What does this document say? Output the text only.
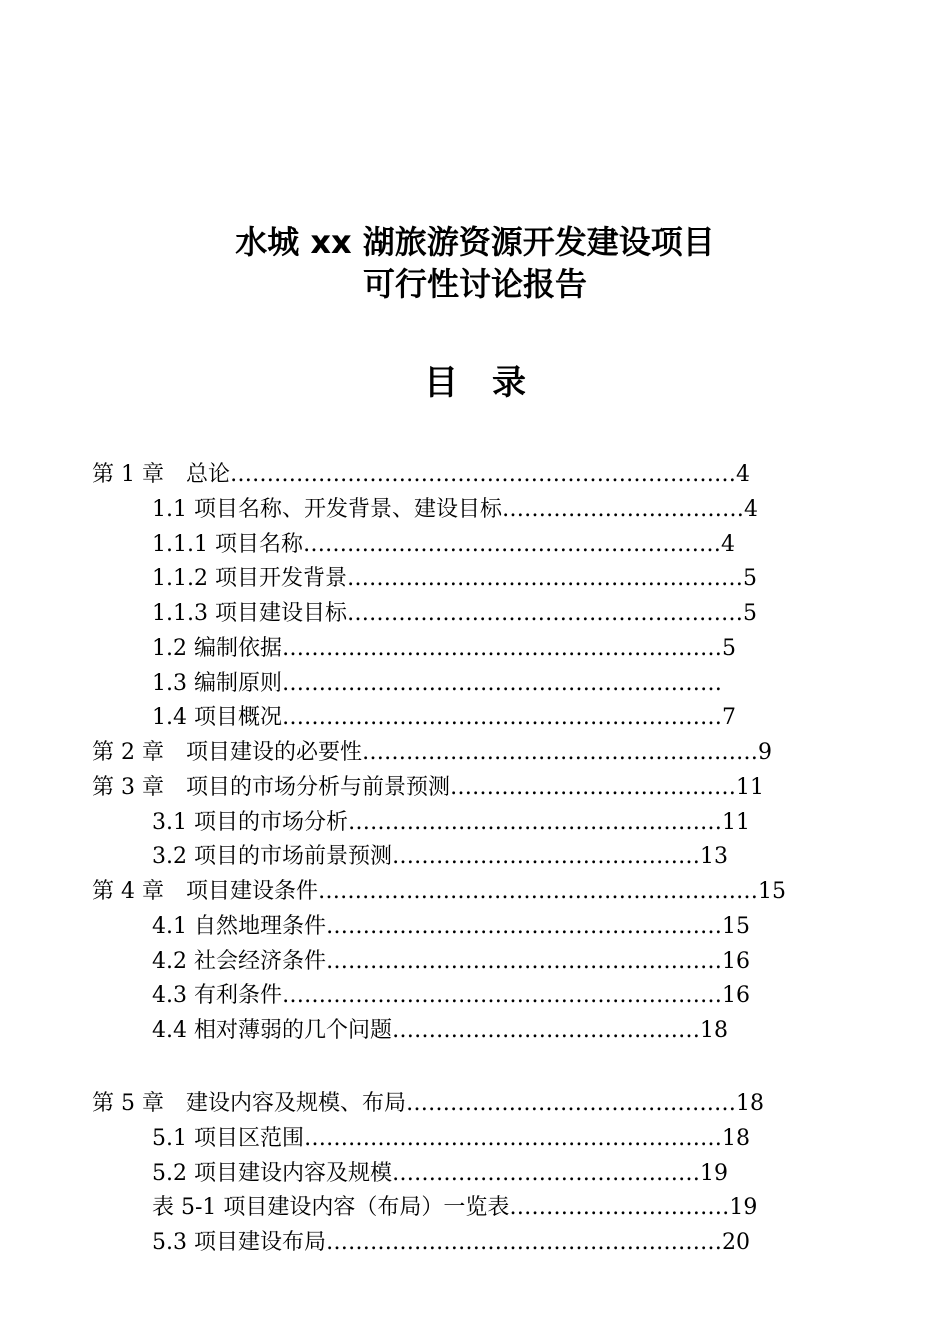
水城 xx 湖旅游资源开发建设项目
可行性讨论报告
目录
第 1 章　总论……………………………………………………………4
1.1 项目名称、开发背景、建设目标……………………………4
1.1.1 项目名称…………………………………………………4
1.1.2 项目开发背景………………………………………………5
1.1.3 项目建设目标………………………………………………5
1.2 编制依据……………………………………………………5
1.3 编制原则……………………………………………………
1.4 项目概况……………………………………………………7
第 2 章　项目建设的必要性………………………………………………9
第 3 章　项目的市场分析与前景预测…………………………………11
3.1 项目的市场分析……………………………………………11
3.2 项目的市场前景预测……………………………………13
第 4 章　项目建设条件……………………………………………………15
4.1 自然地理条件………………………………………………15
4.2 社会经济条件………………………………………………16
4.3 有利条件……………………………………………………16
4.4 相对薄弱的几个问题……………………………………18
第 5 章　建设内容及规模、布局………………………………………18
5.1 项目区范围…………………………………………………18
5.2 项目建设内容及规模……………………………………19
表 5-1 项目建设内容（布局）一览表…………………………19
5.3 项目建设布局………………………………………………20
